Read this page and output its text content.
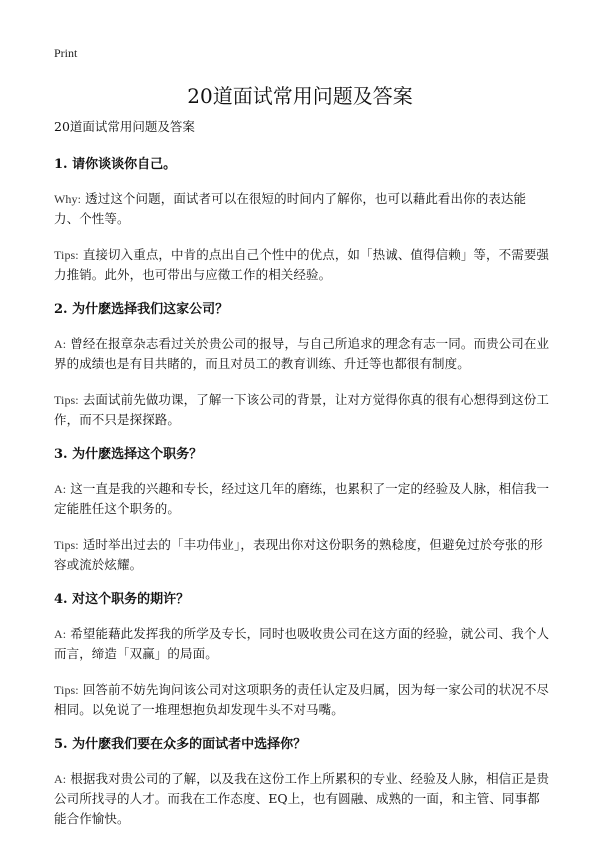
Print
20道面试常用问题及答案
20道面试常用问题及答案
1. 请你谈谈你自己。

Why: 透过这个问题，面试者可以在很短的时间内了解你，也可以藉此看出你的表达能力、个性等。

Tips: 直接切入重点，中肯的点出自己个性中的优点，如「热诚、值得信赖」等，不需要强力推销。此外，也可带出与应徵工作的相关经验。

2. 为什麽选择我们这家公司？

A: 曾经在报章杂志看过关於贵公司的报导，与自己所追求的理念有志一同。而贵公司在业界的成绩也是有目共睹的，而且对员工的教育训练、升迁等也都很有制度。

Tips: 去面试前先做功课，了解一下该公司的背景，让对方觉得你真的很有心想得到这份工作，而不只是探探路。

3. 为什麽选择这个职务？

A: 这一直是我的兴趣和专长，经过这几年的磨练，也累积了一定的经验及人脉，相信我一定能胜任这个职务的。

Tips: 适时举出过去的「丰功伟业」，表现出你对这份职务的熟稔度，但避免过於夸张的形容或流於炫耀。

4. 对这个职务的期许？

A: 希望能藉此发挥我的所学及专长，同时也吸收贵公司在这方面的经验，就公司、我个人而言，缔造「双赢」的局面。

Tips: 回答前不妨先询问该公司对这项职务的责任认定及归属，因为每一家公司的状况不尽相同。以免说了一堆理想抱负却发现牛头不对马嘴。

5. 为什麽我们要在众多的面试者中选择你？

A: 根据我对贵公司的了解，以及我在这份工作上所累积的专业、经验及人脉，相信正是贵公司所找寻的人才。而我在工作态度、EQ上，也有圆融、成熟的一面，和主管、同事都能合作愉快。
